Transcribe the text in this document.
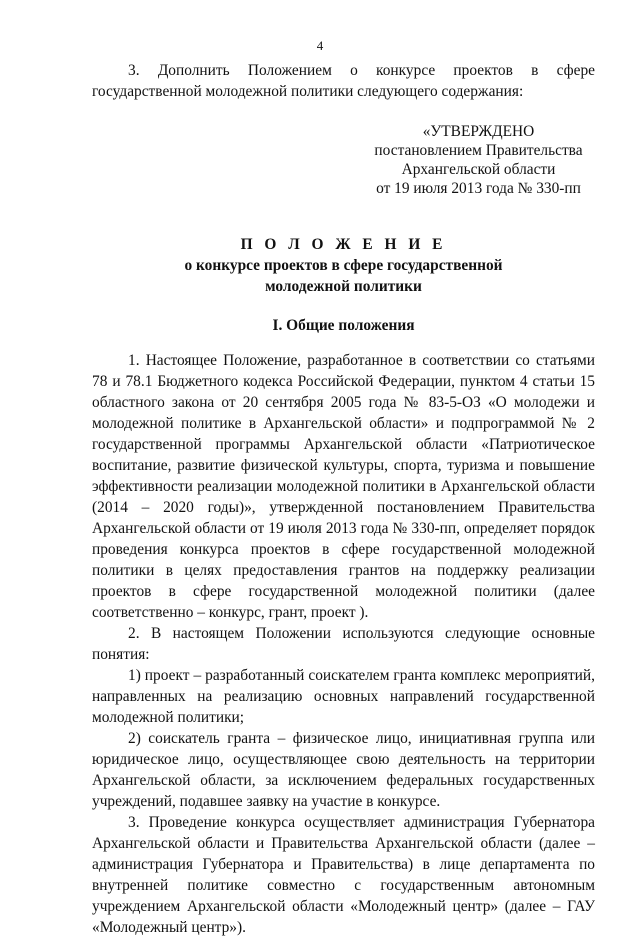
4

3. Дополнить Положением о конкурсе проектов в сфере государственной молодежной политики следующего содержания:

«УТВЕРЖДЕНО
постановлением Правительства
Архангельской области
от 19 июля 2013 года № 330-пп
П О Л О Ж Е Н И Е
о конкурсе проектов в сфере государственной
молодежной политики
I. Общие положения

1. Настоящее Положение, разработанное в соответствии со статьями 78 и 78.1 Бюджетного кодекса Российской Федерации, пунктом 4 статьи 15 областного закона от 20 сентября 2005 года № 83-5-ОЗ «О молодежи и молодежной политике в Архангельской области» и подпрограммой № 2 государственной программы Архангельской области «Патриотическое воспитание, развитие физической культуры, спорта, туризма и повышение эффективности реализации молодежной политики в Архангельской области (2014 – 2020 годы)», утвержденной постановлением Правительства Архангельской области от 19 июля 2013 года № 330-пп, определяет порядок проведения конкурса проектов в сфере государственной молодежной политики в целях предоставления грантов на поддержку реализации проектов в сфере государственной молодежной политики (далее соответственно – конкурс, грант, проект ).

2. В настоящем Положении используются следующие основные понятия:

1) проект – разработанный соискателем гранта комплекс мероприятий, направленных на реализацию основных направлений государственной молодежной политики;

2) соискатель гранта – физическое лицо, инициативная группа или юридическое лицо, осуществляющее свою деятельность на территории Архангельской области, за исключением федеральных государственных учреждений, подавшее заявку на участие в конкурсе.

3. Проведение конкурса осуществляет администрация Губернатора Архангельской области и Правительства Архангельской области (далее – администрация Губернатора и Правительства) в лице департамента по внутренней политике совместно с государственным автономным учреждением Архангельской области «Молодежный центр» (далее – ГАУ «Молодежный центр»).
